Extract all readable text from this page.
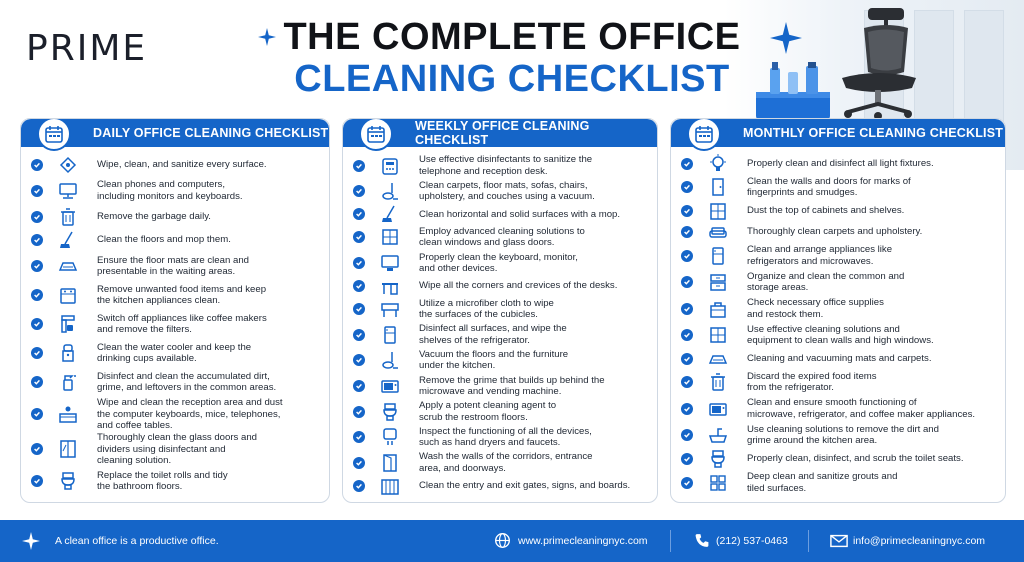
PRIME	THE COMPLETE OFFICE
CLEANING CHECKLIST
DAILY OFFICE CLEANING CHECKLIST
Wipe, clean, and sanitize every surface.
Clean phones and computers,
including monitors and keyboards.
Remove the garbage daily.
Clean the floors and mop them.
Ensure the floor mats are clean and
presentable in the waiting areas.
Remove unwanted food items and keep
the kitchen appliances clean.
Switch off appliances like coffee makers
and remove the filters.
Clean the water cooler and keep the
drinking cups available.
Disinfect and clean the accumulated dirt,
grime, and leftovers in the common areas.
Wipe and clean the reception area and dust
the computer keyboards, mice, telephones,
and coffee tables.
Thoroughly clean the glass doors and
dividers using disinfectant and
cleaning solution.
Replace the toilet rolls and tidy
the bathroom floors.
WEEKLY OFFICE CLEANING CHECKLIST
Use effective disinfectants to sanitize the
telephone and reception desk.
Clean carpets, floor mats, sofas, chairs,
upholstery, and couches using a vacuum.
Clean horizontal and solid surfaces with a mop.
Employ advanced cleaning solutions to
clean windows and glass doors.
Properly clean the keyboard, monitor,
and other devices.
Wipe all the corners and crevices of the desks.
Utilize a microfiber cloth to wipe
the surfaces of the cubicles.
Disinfect all surfaces, and wipe the
shelves of the refrigerator.
Vacuum the floors and the furniture
under the kitchen.
Remove the grime that builds up behind the
microwave and vending machine.
Apply a potent cleaning agent to
scrub the restroom floors.
Inspect the functioning of all the devices,
such as hand dryers and faucets.
Wash the walls of the corridors, entrance
area, and doorways.
Clean the entry and exit gates, signs, and boards.
MONTHLY OFFICE CLEANING CHECKLIST
Properly clean and disinfect all light fixtures.
Clean the walls and doors for marks of
fingerprints and smudges.
Dust the top of cabinets and shelves.
Thoroughly clean carpets and upholstery.
Clean and arrange appliances like
refrigerators and microwaves.
Organize and clean the common and
storage areas.
Check necessary office supplies
and restock them.
Use effective cleaning solutions and
equipment to clean walls and high windows.
Cleaning and vacuuming mats and carpets.
Discard the expired food items
from the refrigerator.
Clean and ensure smooth functioning of
microwave, refrigerator, and coffee maker appliances.
Use cleaning solutions to remove the dirt and
grime around the kitchen area.
Properly clean, disinfect, and scrub the toilet seats.
Deep clean and sanitize grouts and
tiled surfaces.
A clean office is a productive office.	www.primecleaningnyc.com	(212) 537-0463	info@primecleaningnyc.com
